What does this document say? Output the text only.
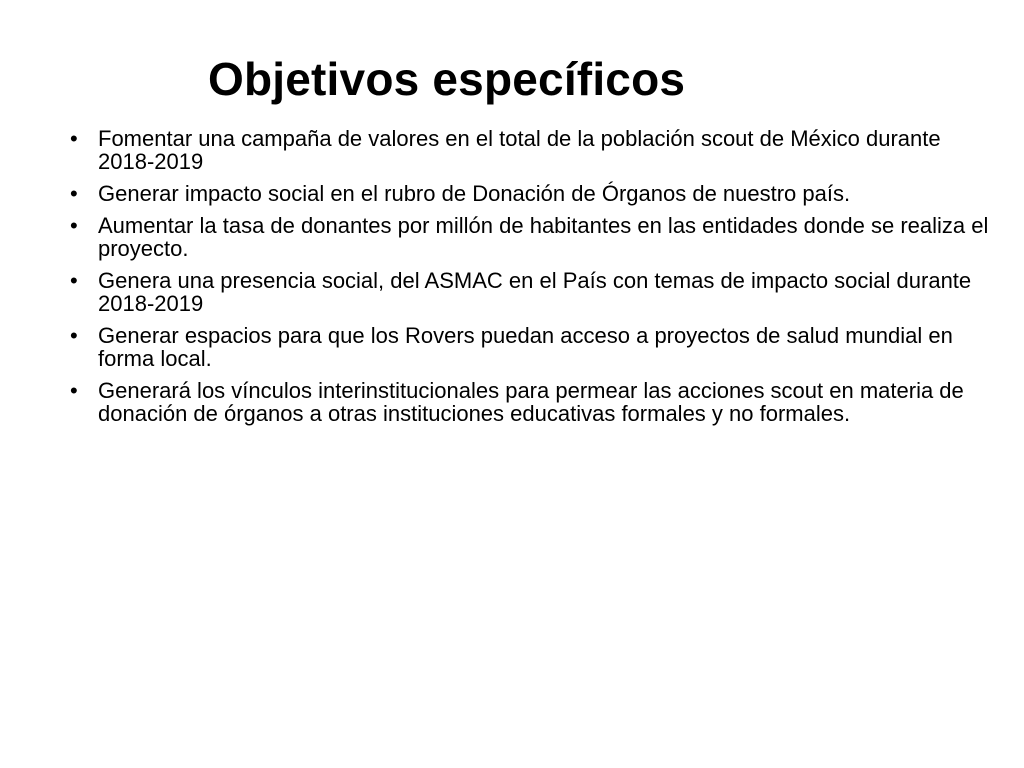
Objetivos específicos
• Fomentar una campaña de valores en el total de la población scout de México durante 2018-2019
• Generar impacto social en el rubro de Donación de Órganos de nuestro país.
• Aumentar la tasa de donantes por millón de habitantes en las entidades donde se realiza el proyecto.
• Genera una presencia social, del ASMAC en el País con temas de impacto social durante 2018-2019
• Generar espacios para que los Rovers puedan acceso a proyectos de salud mundial en forma local.
• Generará los vínculos interinstitucionales para permear las acciones scout en materia de donación de órganos a otras instituciones educativas formales y no formales.
